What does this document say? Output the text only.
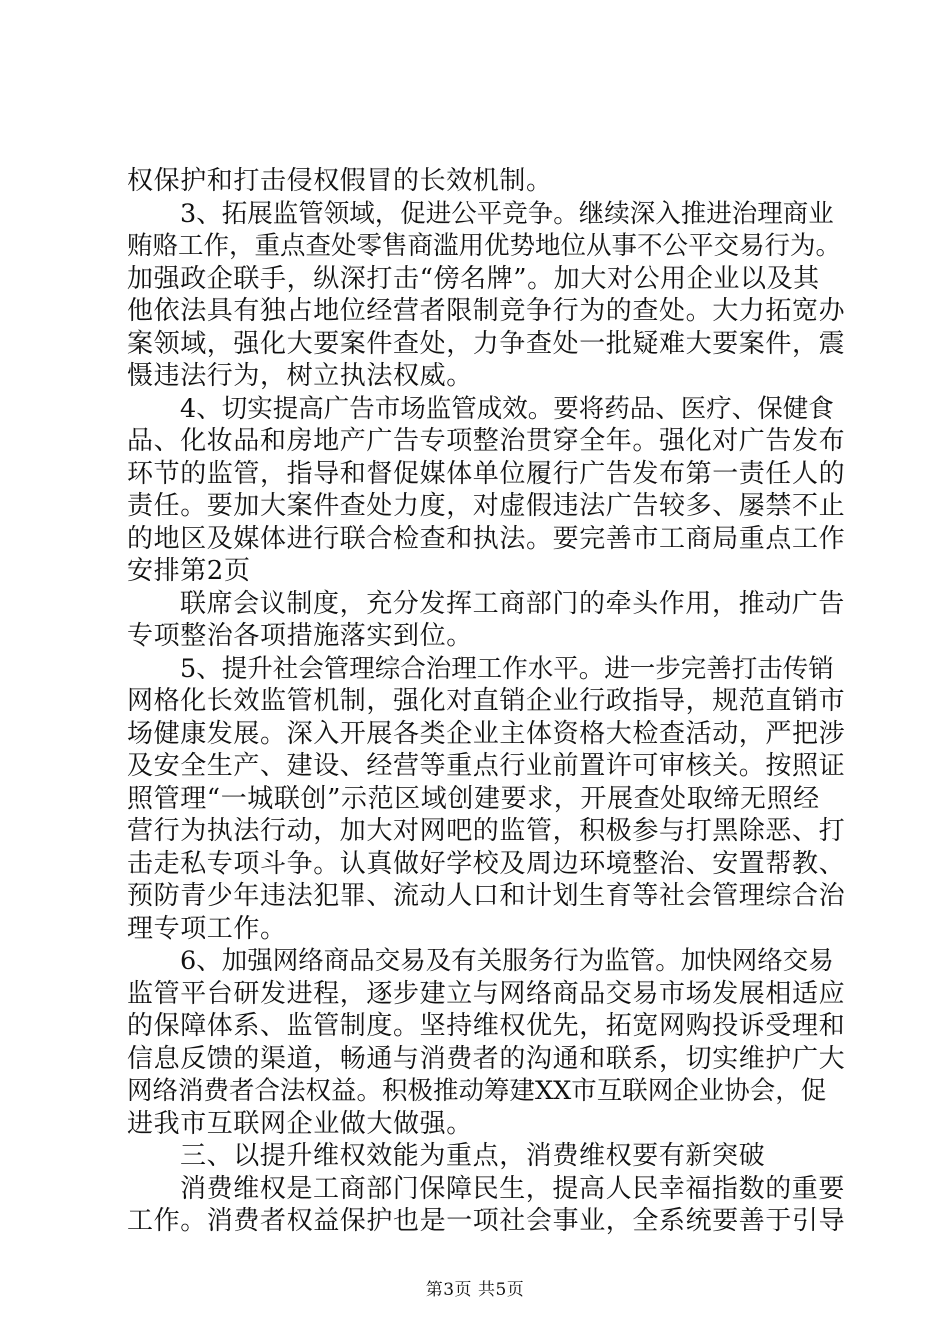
权保护和打击侵权假冒的长效机制。
3、拓展监管领域，促进公平竞争。继续深入推进治理商业
贿赂工作，重点查处零售商滥用优势地位从事不公平交易行为。
加强政企联手，纵深打击“傍名牌”。加大对公用企业以及其
他依法具有独占地位经营者限制竞争行为的查处。大力拓宽办
案领域，强化大要案件查处，力争查处一批疑难大要案件，震
慑违法行为，树立执法权威。
4、切实提高广告市场监管成效。要将药品、医疗、保健食
品、化妆品和房地产广告专项整治贯穿全年。强化对广告发布
环节的监管，指导和督促媒体单位履行广告发布第一责任人的
责任。要加大案件查处力度，对虚假违法广告较多、屡禁不止
的地区及媒体进行联合检查和执法。要完善市工商局重点工作
安排第2页
联席会议制度，充分发挥工商部门的牵头作用，推动广告
专项整治各项措施落实到位。
5、提升社会管理综合治理工作水平。进一步完善打击传销
网格化长效监管机制，强化对直销企业行政指导，规范直销市
场健康发展。深入开展各类企业主体资格大检查活动，严把涉
及安全生产、建设、经营等重点行业前置许可审核关。按照证
照管理“一城联创”示范区域创建要求，开展查处取缔无照经
营行为执法行动，加大对网吧的监管，积极参与打黑除恶、打
击走私专项斗争。认真做好学校及周边环境整治、安置帮教、
预防青少年违法犯罪、流动人口和计划生育等社会管理综合治
理专项工作。
6、加强网络商品交易及有关服务行为监管。加快网络交易
监管平台研发进程，逐步建立与网络商品交易市场发展相适应
的保障体系、监管制度。坚持维权优先，拓宽网购投诉受理和
信息反馈的渠道，畅通与消费者的沟通和联系，切实维护广大
网络消费者合法权益。积极推动筹建XX市互联网企业协会，促
进我市互联网企业做大做强。
三、以提升维权效能为重点，消费维权要有新突破
消费维权是工商部门保障民生，提高人民幸福指数的重要
工作。消费者权益保护也是一项社会事业，全系统要善于引导
第3页 共5页
